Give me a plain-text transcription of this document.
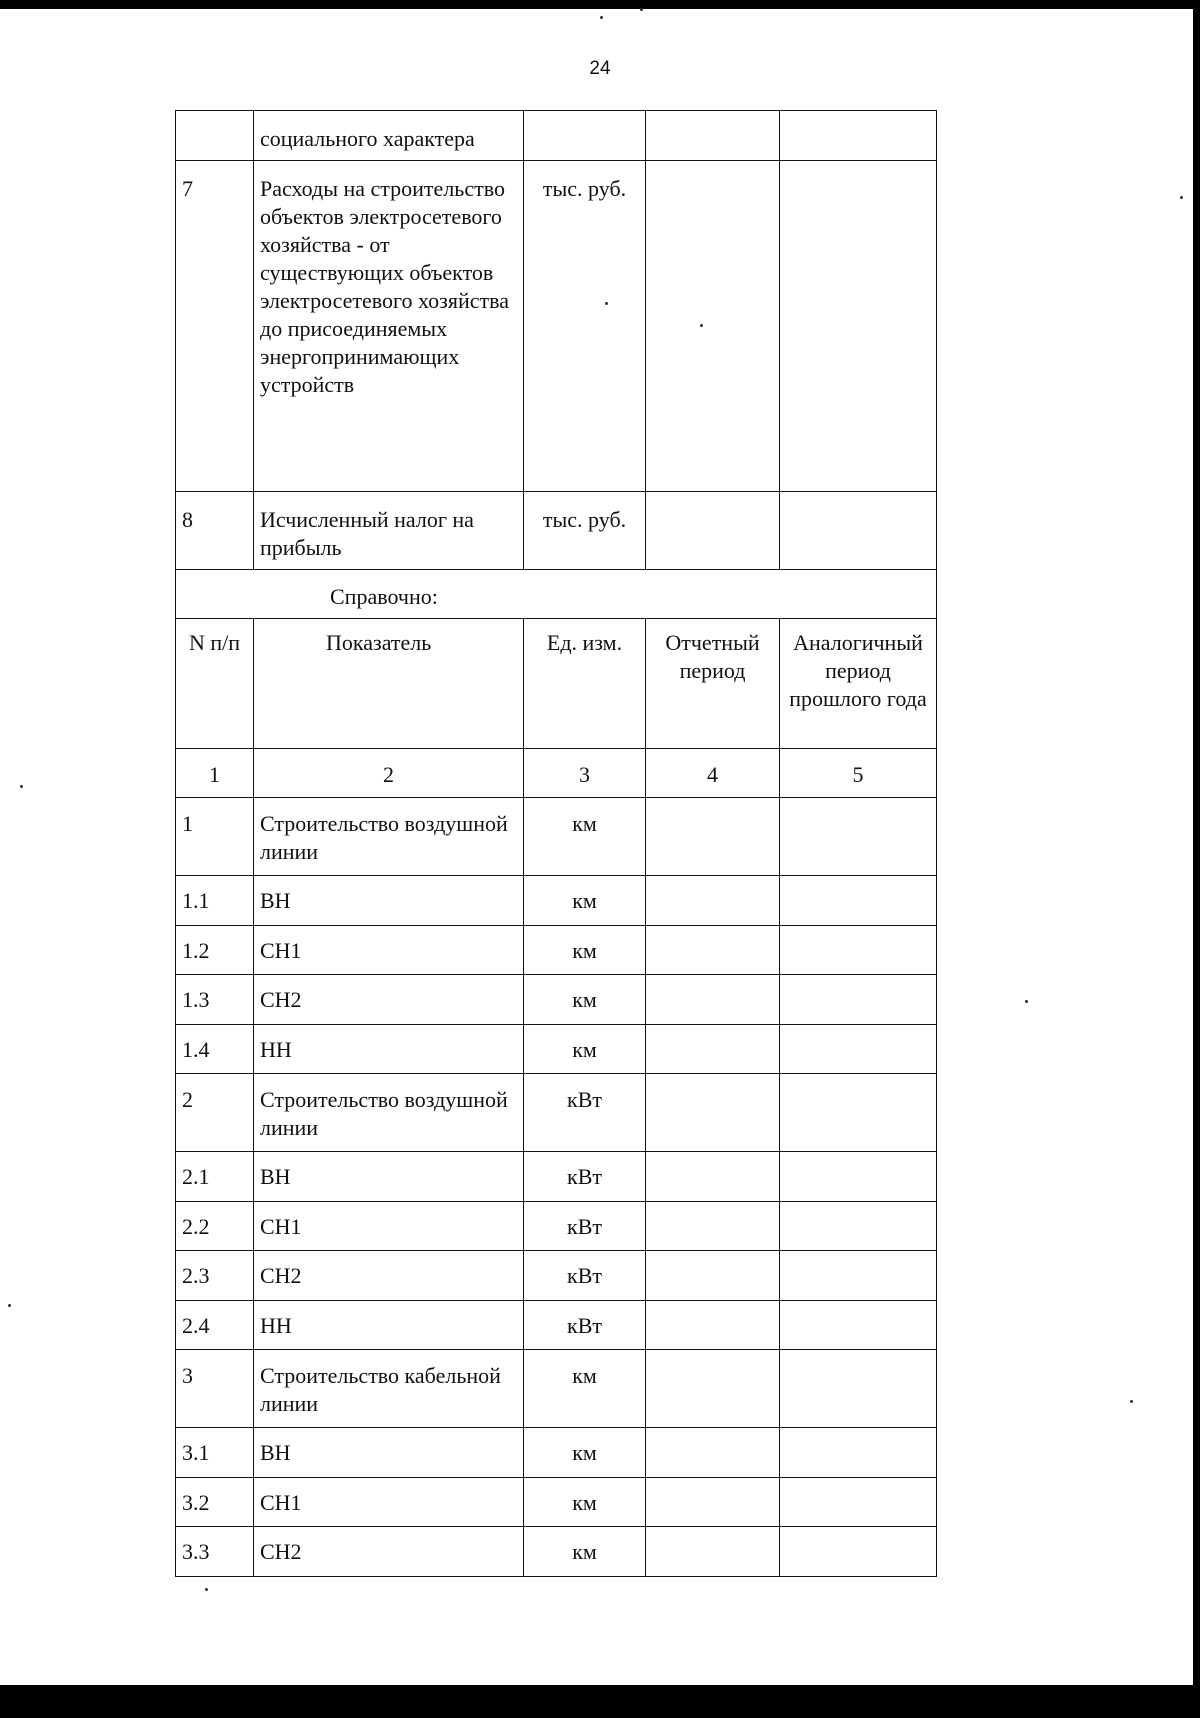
24
	социального характера			
7	Расходы на строительство объектов электросетевого хозяйства - от существующих объектов электросетевого хозяйства до присоединяемых энергопринимающих устройств	тыс. руб.		
8	Исчисленный налог на прибыль	тыс. руб.		
Справочно:				
N п/п	Показатель	Ед. изм.	Отчетный период	Аналогичный период прошлого года
1	2	3	4	5
1	Строительство воздушной линии	км		
1.1	ВН	км		
1.2	СН1	км		
1.3	СН2	км		
1.4	НН	км		
2	Строительство воздушной линии	кВт		
2.1	ВН	кВт		
2.2	СН1	кВт		
2.3	СН2	кВт		
2.4	НН	кВт		
3	Строительство кабельной линии	км		
3.1	ВН	км		
3.2	СН1	км		
3.3	СН2	км		
